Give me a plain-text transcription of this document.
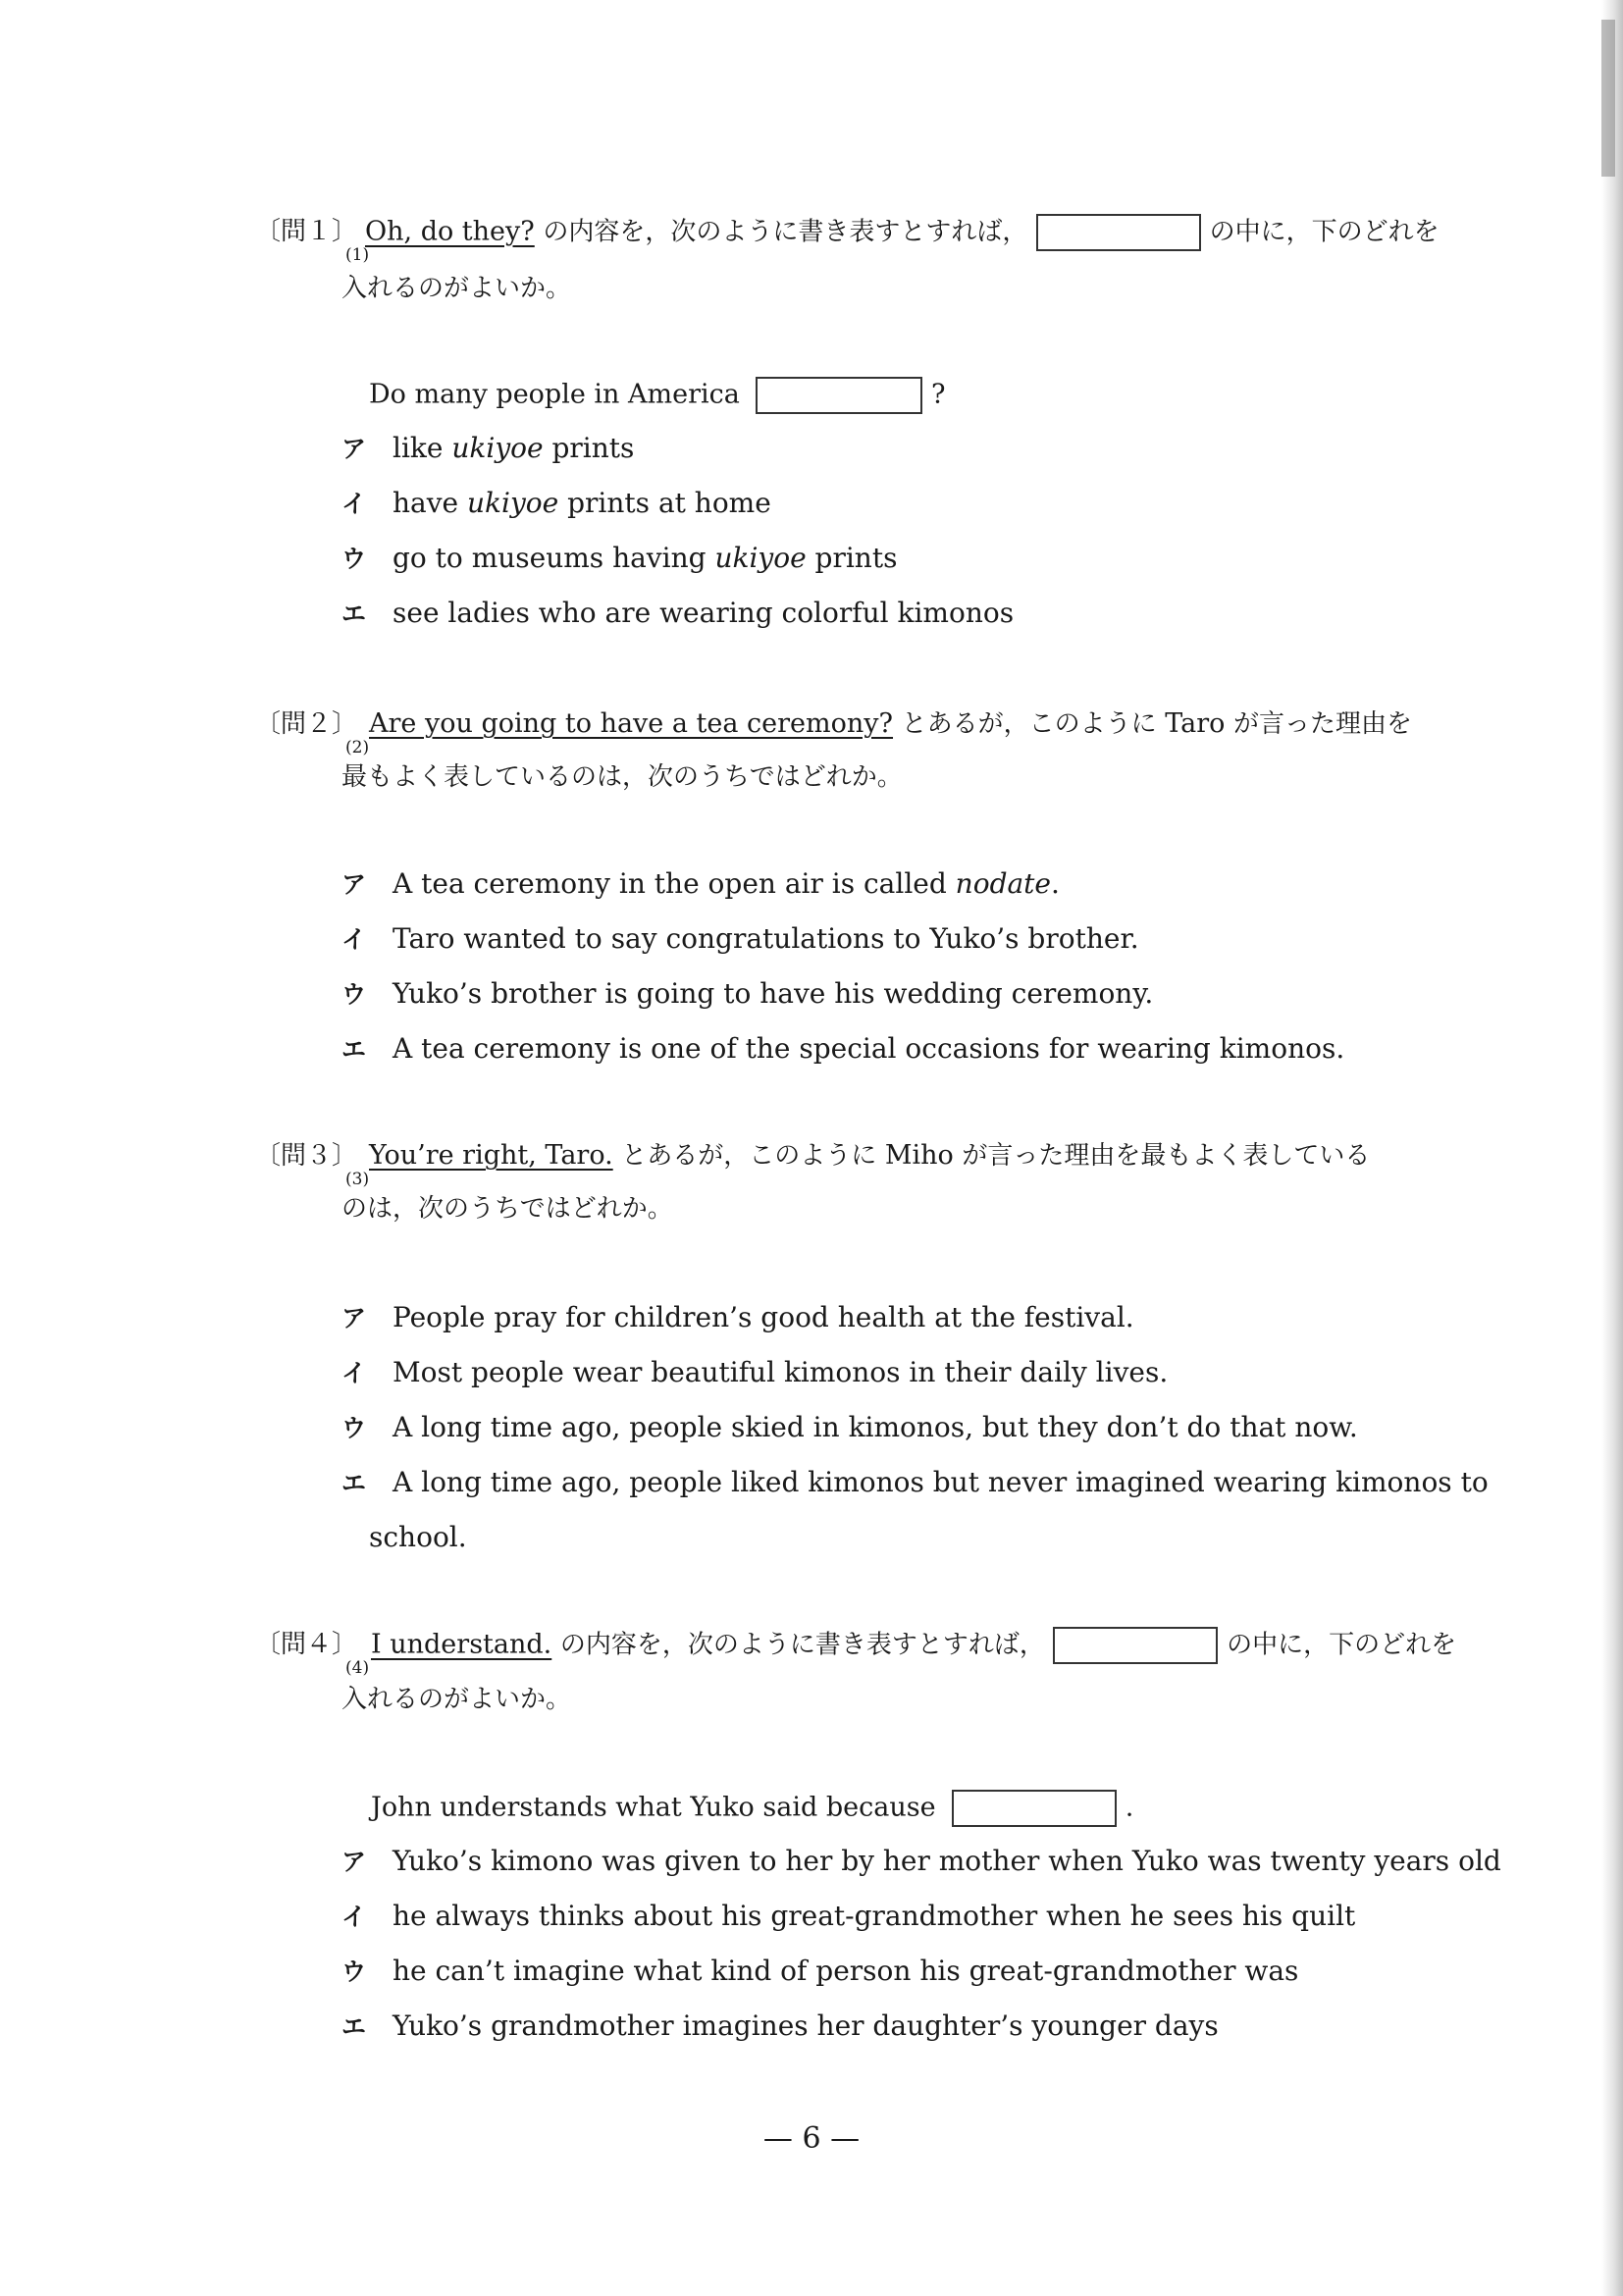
〔問１〕 Oh, do they? の内容を，次のように書き表すとすれば，	の中に，下のどれを
(1)
入れるのがよいか。
Do many people in America	?
ア like ukiyoe prints
イ have ukiyoe prints at home
ウ go to museums having ukiyoe prints
エ see ladies who are wearing colorful kimonos
〔問２〕 Are you going to have a tea ceremony? とあるが，このように Taro が言った理由を
(2)
最もよく表しているのは，次のうちではどれか。
ア A tea ceremony in the open air is called nodate.
イ Taro wanted to say congratulations to Yuko’s brother.
ウ Yuko’s brother is going to have his wedding ceremony.
エ A tea ceremony is one of the special occasions for wearing kimonos.
〔問３〕 You’re right, Taro. とあるが，このように Miho が言った理由を最もよく表している
(3)
のは，次のうちではどれか。
ア People pray for children’s good health at the festival.
イ Most people wear beautiful kimonos in their daily lives.
ウ A long time ago, people skied in kimonos, but they don’t do that now.
エ A long time ago, people liked kimonos but never imagined wearing kimonos to
school.
〔問４〕 I understand. の内容を，次のように書き表すとすれば，	の中に，下のどれを
(4)
入れるのがよいか。
John understands what Yuko said because	.
ア Yuko’s kimono was given to her by her mother when Yuko was twenty years old
イ he always thinks about his great-grandmother when he sees his quilt
ウ he can’t imagine what kind of person his great-grandmother was
エ Yuko’s grandmother imagines her daughter’s younger days
— 6 —
